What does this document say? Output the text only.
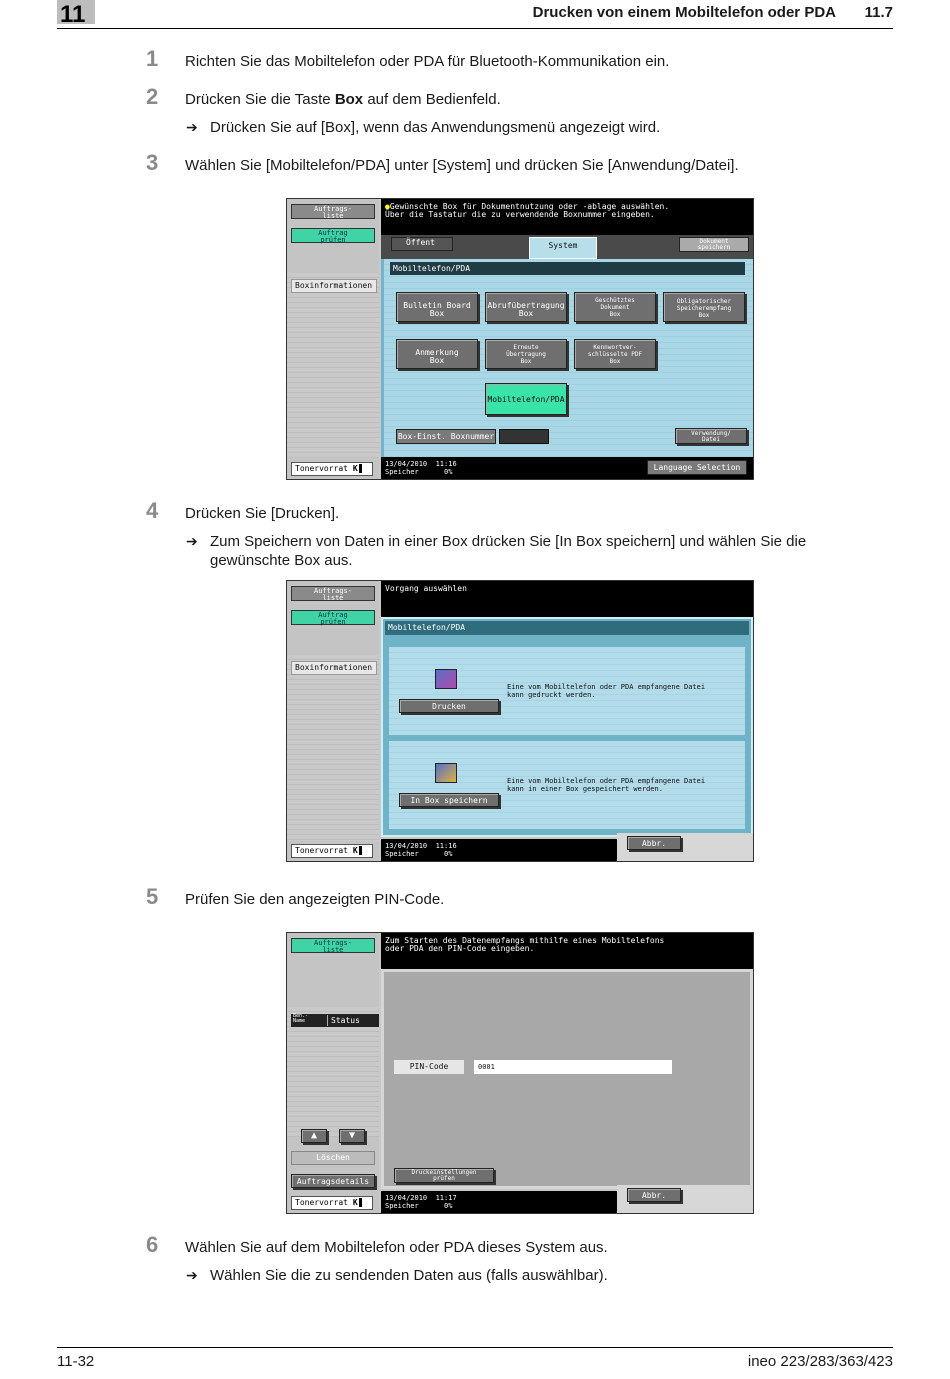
11	Drucken von einem Mobiltelefon oder PDA 11.7
1 Richten Sie das Mobiltelefon oder PDA für Bluetooth-Kommunikation ein.
2 Drücken Sie die Taste Box auf dem Bedienfeld.
➔ Drücken Sie auf [Box], wenn das Anwendungsmenü angezeigt wird.
3 Wählen Sie [Mobiltelefon/PDA] unter [System] und drücken Sie [Anwendung/Datei].
Auftrags-
liste
Auftrag
prüfen
Boxinformationen
Tonervorrat K
●Gewünschte Box für Dokumentnutzung oder -ablage auswählen.
Über die Tastatur die zu verwendende Boxnummer eingeben.
Öffent	System	Dokument
speichern
Mobiltelefon/PDA
Bulletin Board
Box
Abrufübertragung
Box
Geschütztes
Dokument
Box
Obligatorischer
Speicherempfang
Box
Anmerkung
Box
Erneute
Übertragung
Box
Kennwortver-
schlüsselte PDF
Box
Mobiltelefon/PDA
Box-Einst. Boxnummer	Verwendung/
Datei
13/04/2010 11:16
Speicher	0%	Language Selection
4 Drücken Sie [Drucken].
➔ Zum Speichern von Daten in einer Box drücken Sie [In Box speichern] und wählen Sie die gewünschte Box aus.
Auftrags-
liste
Auftrag
prüfen
Boxinformationen
Tonervorrat K
Vorgang auswählen
Mobiltelefon/PDA
Drucken
Eine vom Mobiltelefon oder PDA empfangene Datei
kann gedruckt werden.
In Box speichern
Eine vom Mobiltelefon oder PDA empfangene Datei
kann in einer Box gespeichert werden.
13/04/2010 11:16
Speicher	0%
Abbr.
5 Prüfen Sie den angezeigten PIN-Code.
Auftrags-
liste
Ben.-
Name	Status
▲	▼
Löschen
Auftragsdetails
Tonervorrat K
Zum Starten des Datenempfangs mithilfe eines Mobiltelefons
oder PDA den PIN-Code eingeben.
PIN-Code	0001
Druckeinstellungen
prüfen
13/04/2010 11:17
Speicher	0%
Abbr.
6 Wählen Sie auf dem Mobiltelefon oder PDA dieses System aus.
➔ Wählen Sie die zu sendenden Daten aus (falls auswählbar).
11-32	ineo 223/283/363/423
